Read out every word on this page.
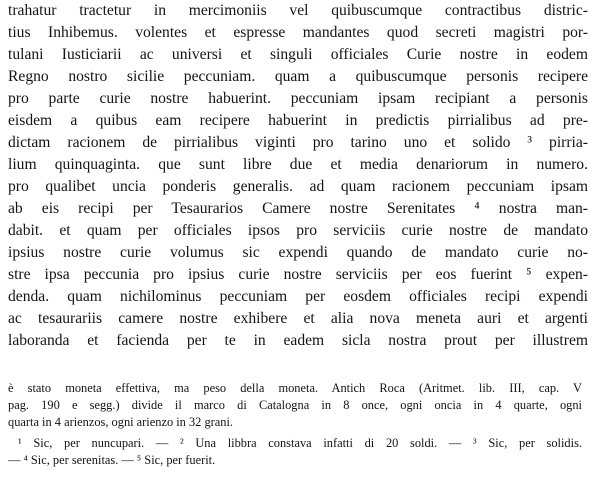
trahatur tractetur in mercimoniis vel quibuscumque contractibus distric-
tius Inhibemus. volentes et espresse mandantes quod secreti magistri por-
tulani Iusticiarii ac universi et singuli officiales Curie nostre in eodem
Regno nostro sicilie peccuniam. quam a quibuscumque personis recipere
pro parte curie nostre habuerint. peccuniam ipsam recipiant a personis
eisdem a quibus eam recipere habuerint in predictis pirrialibus ad pre-
dictam racionem de pirrialibus viginti pro tarino uno et solido ³ pirria-
lium quinquaginta. que sunt libre due et media denariorum in numero.
pro qualibet uncia ponderis generalis. ad quam racionem peccuniam ipsam
ab eis recipi per Tesaurarios Camere nostre Serenitates ⁴ nostra man-
dabit. et quam per officiales ipsos pro serviciis curie nostre de mandato
ipsius nostre curie volumus sic expendi quando de mandato curie no-
stre ipsa peccunia pro ipsius curie nostre serviciis per eos fuerint ⁵ expen-
denda. quam nichilominus peccuniam per eosdem officiales recipi expendi
ac tesaurariis camere nostre exhibere et alia nova meneta auri et argenti
laboranda et facienda per te in eadem sicla nostra prout per illustrem
è stato moneta effettiva, ma peso della moneta. Antich Roca (Aritmet. lib. III, cap. V
pag. 190 e segg.) divide il marco di Catalogna in 8 once, ogni oncia in 4 quarte, ogni
quarta in 4 arienzos, ogni arienzo in 32 grani.
¹ Sic, per nuncupari. — ² Una libbra constava infatti di 20 soldi. — ³ Sic, per solidis.
— ⁴ Sic, per serenitas. — ⁵ Sic, per fuerit.
